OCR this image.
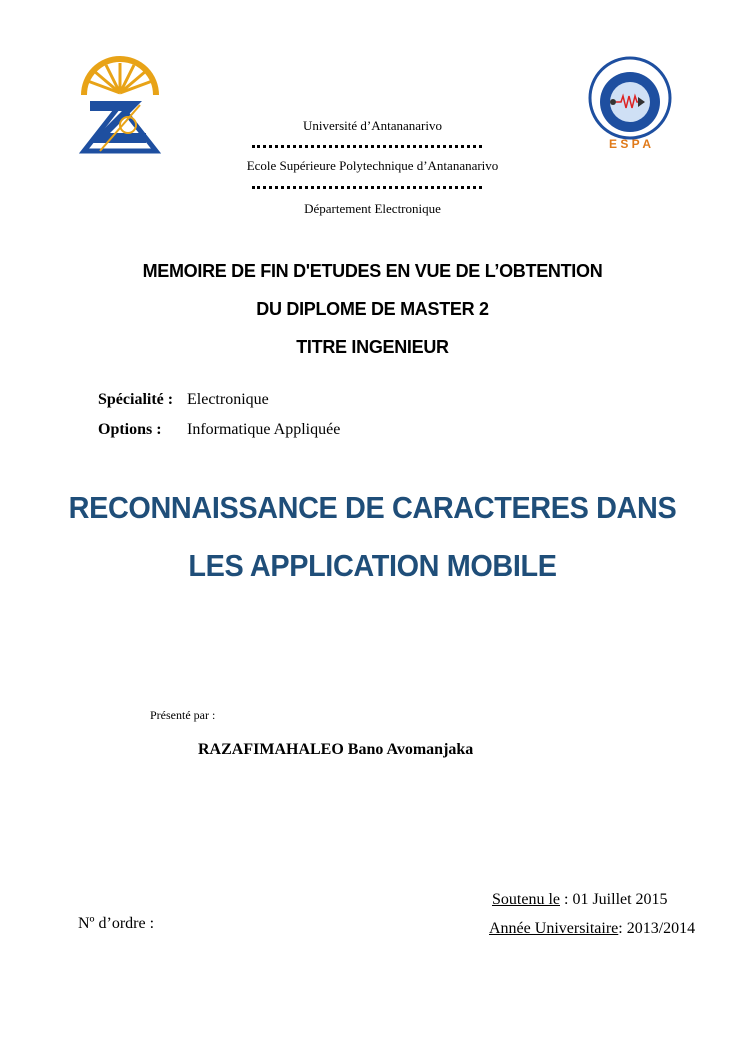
E S P A
Université d’Antananarivo
Ecole Supérieure Polytechnique d’Antananarivo
Département Electronique
MEMOIRE DE FIN D'ETUDES EN VUE DE L’OBTENTION
DU DIPLOME DE MASTER 2
TITRE INGENIEUR
Spécialité : Electronique
Options : Informatique Appliquée
RECONNAISSANCE DE CARACTERES DANS
LES APPLICATION MOBILE
Présenté par :
RAZAFIMAHALEO Bano Avomanjaka
Soutenu le : 01 Juillet 2015
Nº d’ordre :	Année Universitaire: 2013/2014
